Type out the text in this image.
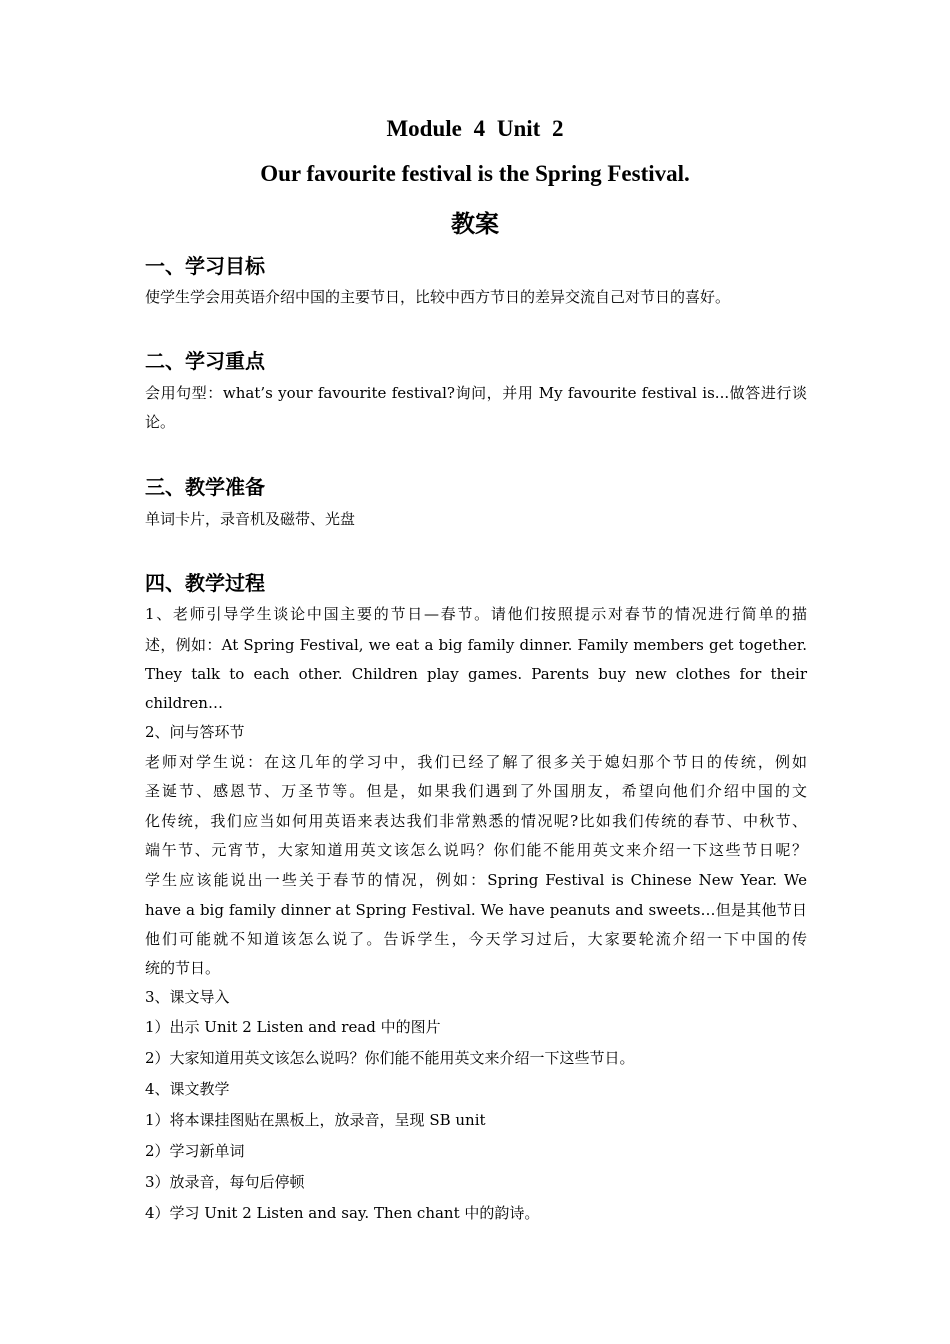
Module 4 Unit 2
Our favourite festival is the Spring Festival.
教案
一、学习目标
使学生学会用英语介绍中国的主要节日，比较中西方节日的差异交流自己对节日的喜好。
二、学习重点
会用句型：what’s your favourite festival?询问，并用 My favourite festival is...做答进行谈
论。
三、教学准备
单词卡片，录音机及磁带、光盘
四、教学过程
1、老师引导学生谈论中国主要的节日—春节。请他们按照提示对春节的情况进行简单的描
述，例如：At Spring Festival, we eat a big family dinner. Family members get together.
They talk to each other. Children play games. Parents buy new clothes for their
children…
2、问与答环节
老师对学生说：在这几年的学习中，我们已经了解了很多关于媳妇那个节日的传统，例如
圣诞节、感恩节、万圣节等。但是，如果我们遇到了外国朋友，希望向他们介绍中国的文
化传统，我们应当如何用英语来表达我们非常熟悉的情况呢?比如我们传统的春节、中秋节、
端午节、元宵节，大家知道用英文该怎么说吗？你们能不能用英文来介绍一下这些节日呢？
学生应该能说出一些关于春节的情况，例如：Spring Festival is Chinese New Year. We
have a big family dinner at Spring Festival. We have peanuts and sweets…但是其他节日
他们可能就不知道该怎么说了。告诉学生，今天学习过后，大家要轮流介绍一下中国的传
统的节日。
3、课文导入
1）出示 Unit 2 Listen and read 中的图片
2）大家知道用英文该怎么说吗？你们能不能用英文来介绍一下这些节日。
4、课文教学
1）将本课挂图贴在黑板上，放录音，呈现 SB unit
2）学习新单词
3）放录音，每句后停顿
4）学习 Unit 2 Listen and say. Then chant 中的韵诗。
